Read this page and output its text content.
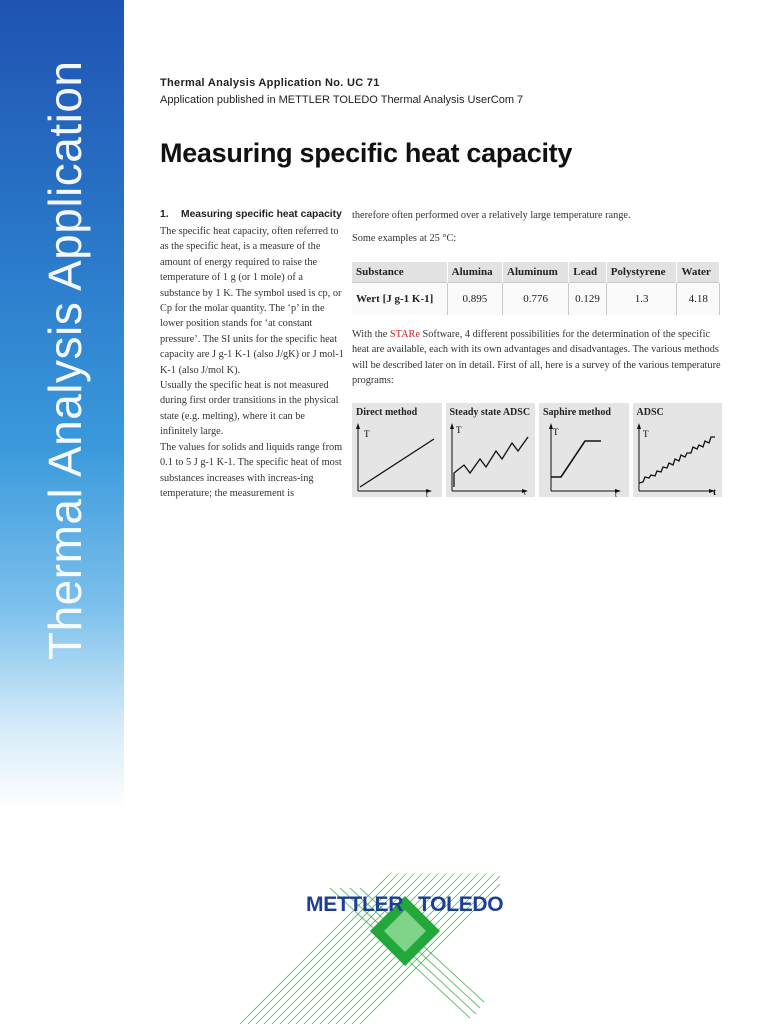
Thermal Analysis Application	Thermal Analysis Application No. UC 71
Application published in METTLER TOLEDO Thermal Analysis UserCom 7
Measuring specific heat capacity
1.	Measuring specific heat capacity

The specific heat capacity, often referred to as the specific heat, is a measure of the amount of energy required to raise the temperature of 1 g (or 1 mole) of a substance by 1 K. The symbol used is cp, or Cp for the molar quantity. The ‘p’ in the lower position stands for ‘at constant pressure’. The SI units for the specific heat capacity are J g-1 K-1 (also J/gK) or J mol-1 K-1 (also J/mol K).

Usually the specific heat is not measured during first order transitions in the physical state (e.g. melting), where it can be infinitely large.

The values for solids and liquids range from 0.1 to 5 J g-1 K-1. The specific heat of most substances increases with increas-ing temperature; the measurement is

therefore often performed over a relatively large temperature range.

Some examples at 25 °C:

With the STARe Software, 4 different possibilities for the determination of the specific heat are available, each with its own advantages and disadvantages. The various methods will be described later on in detail. First of all, here is a survey of the various temperature programs:

Substance	Alumina	Aluminum	Lead	Polystyrene	Water
Wert [J g-1 K-1]	0.895	0.776	0.129	1.3	4.18
Direct method
T
t
Steady state ADSC
T
t
Saphire method
T
t
ADSC
T
t
METTLER TOLEDO
